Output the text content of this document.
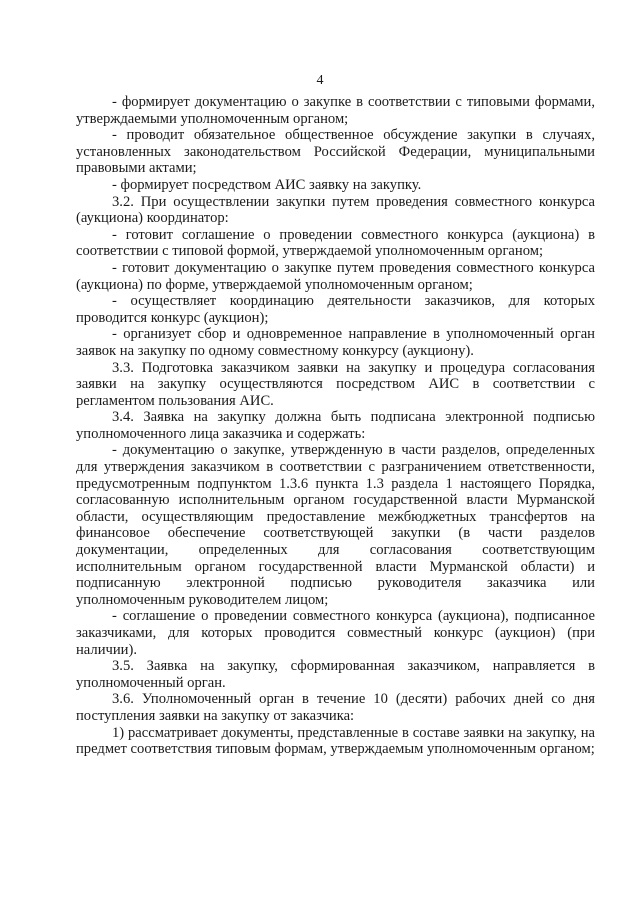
4

- формирует документацию о закупке в соответствии с типовыми формами, утверждаемыми уполномоченным органом;

- проводит обязательное общественное обсуждение закупки в случаях, установленных законодательством Российской Федерации, муниципальными правовыми актами;

- формирует посредством АИС заявку на закупку.

3.2. При осуществлении закупки путем проведения совместного конкурса (аукциона) координатор:

- готовит соглашение о проведении совместного конкурса (аукциона) в соответствии с типовой формой, утверждаемой уполномоченным органом;

- готовит документацию о закупке путем проведения совместного конкурса (аукциона) по форме, утверждаемой уполномоченным органом;

- осуществляет координацию деятельности заказчиков, для которых проводится конкурс (аукцион);

- организует сбор и одновременное направление в уполномоченный орган заявок на закупку по одному совместному конкурсу (аукциону).

3.3. Подготовка заказчиком заявки на закупку и процедура согласования заявки на закупку осуществляются посредством АИС в соответствии с регламентом пользования АИС.

3.4. Заявка на закупку должна быть подписана электронной подписью уполномоченного лица заказчика и содержать:

- документацию о закупке, утвержденную в части разделов, определенных для утверждения заказчиком в соответствии с разграничением ответственности, предусмотренным подпунктом 1.3.6 пункта 1.3 раздела 1 настоящего Порядка, согласованную исполнительным органом государственной власти Мурманской области, осуществляющим предоставление межбюджетных трансфертов на финансовое обеспечение соответствующей закупки (в части разделов документации, определенных для согласования соответствующим исполнительным органом государственной власти Мурманской области) и подписанную электронной подписью руководителя заказчика или уполномоченным руководителем лицом;

- соглашение о проведении совместного конкурса (аукциона), подписанное заказчиками, для которых проводится совместный конкурс (аукцион) (при наличии).

3.5. Заявка на закупку, сформированная заказчиком, направляется в уполномоченный орган.

3.6. Уполномоченный орган в течение 10 (десяти) рабочих дней со дня поступления заявки на закупку от заказчика:

1) рассматривает документы, представленные в составе заявки на закупку, на предмет соответствия типовым формам, утверждаемым уполномоченным органом;
